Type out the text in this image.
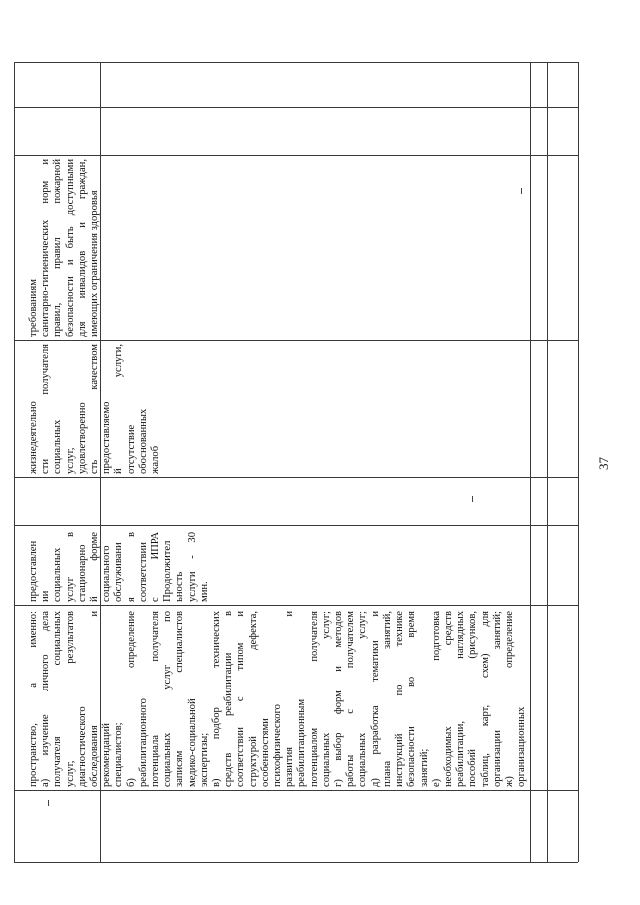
пространство, а именно: а) изучение личного дела получателя социальных услуг, результатов диагностического обследования и рекомендаций специалистов; б) определение реабилитационного потенциала получателя социальных услуг по записям специалистов медико-социальной экспертизы; в) подбор технических средств реабилитации в соответствии с типом и структурой дефекта, особенностями психофизического развития и реабилитационным потенциалом получателя социальных услуг; г) выбор форм и методов работы с получателем социальных услуг; д) разработка тематики и плана занятий, инструкций по технике безопасности во время занятий; е) подготовка необходимых средств реабилитации, наглядных пособий (рисунков, таблиц, карт, схем) для организации занятий; ж) определение организационных
предоставлен ии социальных услуг в стационарно й форме социального обслуживани я в соответствии с ИПРА Продолжител ьность услуги - 30 мин.
жизнедеятельно сти получателя социальных услуг, удовлетворенно сть качеством предоставляемо й услуги, отсутствие обоснованных жалоб
требованиям санитарно-гигиенических норм и правил, правил пожарной безопасности и быть доступными для инвалидов и граждан, имеющих ограничения здоровья
37
